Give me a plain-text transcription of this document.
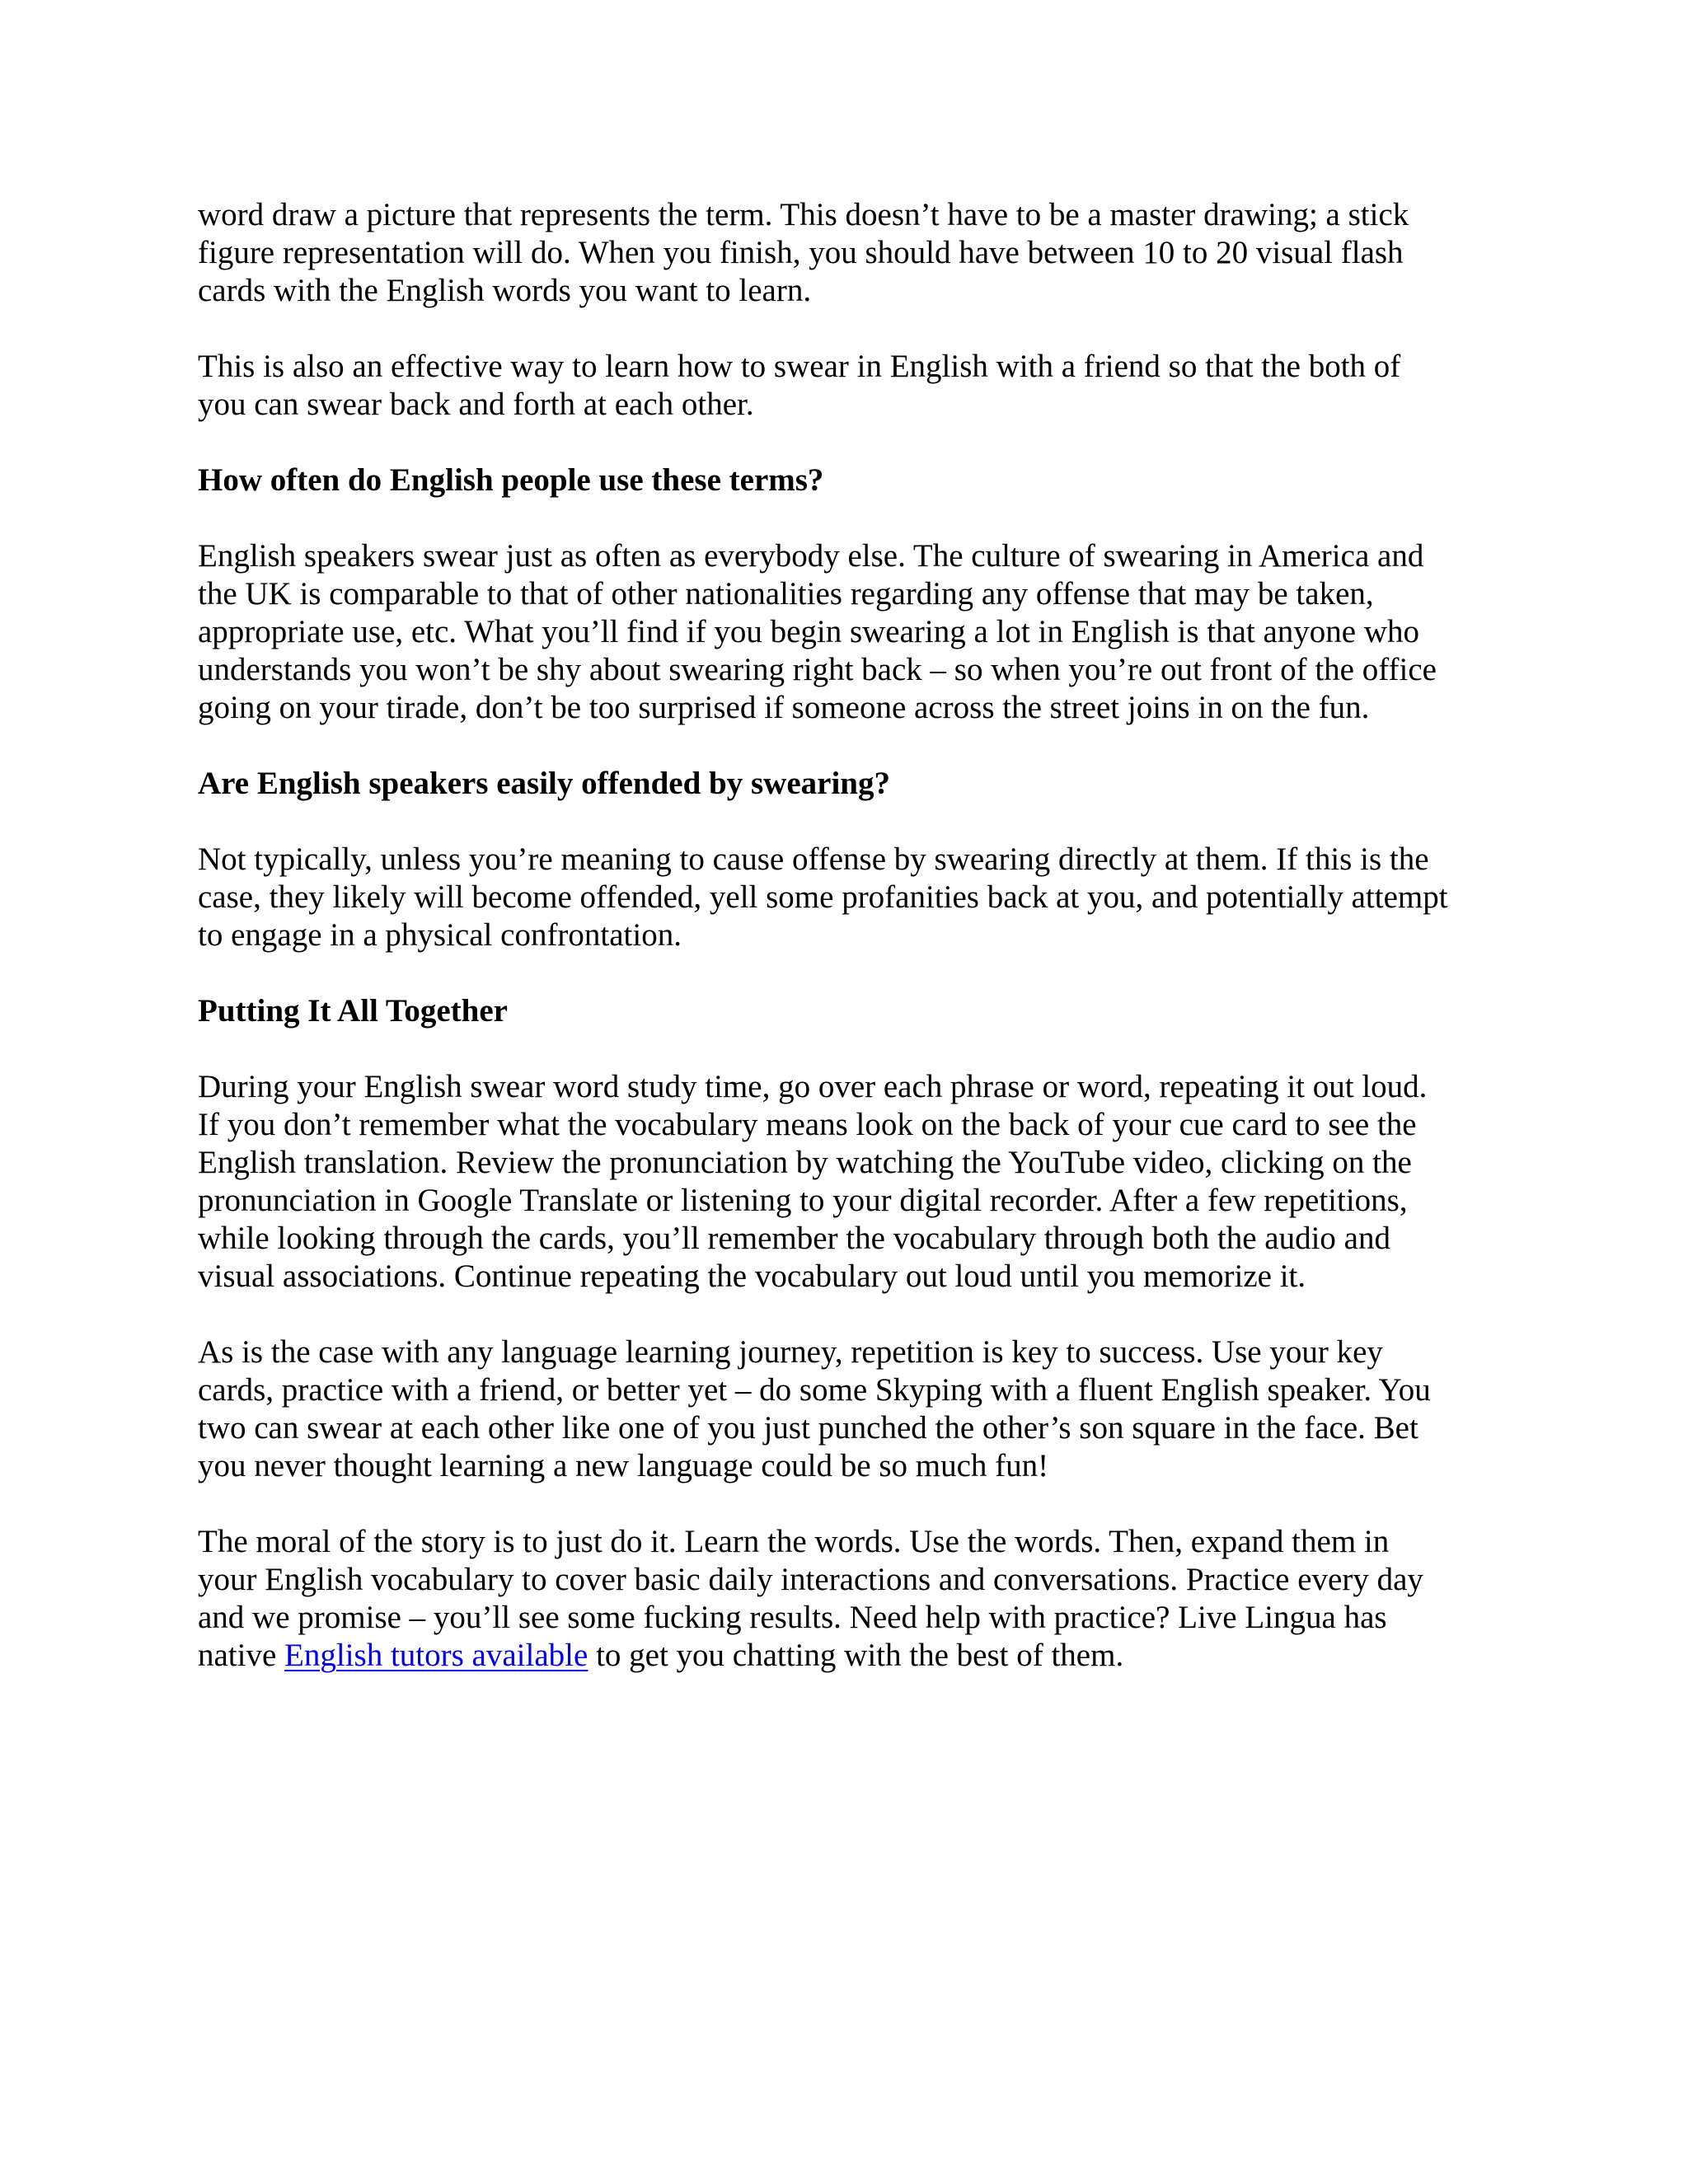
word draw a picture that represents the term. This doesn’t have to be a master drawing; a stick
figure representation will do. When you finish, you should have between 10 to 20 visual flash
cards with the English words you want to learn.

This is also an effective way to learn how to swear in English with a friend so that the both of
you can swear back and forth at each other.

How often do English people use these terms?

English speakers swear just as often as everybody else. The culture of swearing in America and
the UK is comparable to that of other nationalities regarding any offense that may be taken,
appropriate use, etc. What you’ll find if you begin swearing a lot in English is that anyone who
understands you won’t be shy about swearing right back – so when you’re out front of the office
going on your tirade, don’t be too surprised if someone across the street joins in on the fun.

Are English speakers easily offended by swearing?

Not typically, unless you’re meaning to cause offense by swearing directly at them. If this is the
case, they likely will become offended, yell some profanities back at you, and potentially attempt
to engage in a physical confrontation.

Putting It All Together

During your English swear word study time, go over each phrase or word, repeating it out loud.
If you don’t remember what the vocabulary means look on the back of your cue card to see the
English translation. Review the pronunciation by watching the YouTube video, clicking on the
pronunciation in Google Translate or listening to your digital recorder. After a few repetitions,
while looking through the cards, you’ll remember the vocabulary through both the audio and
visual associations. Continue repeating the vocabulary out loud until you memorize it.

As is the case with any language learning journey, repetition is key to success. Use your key
cards, practice with a friend, or better yet – do some Skyping with a fluent English speaker. You
two can swear at each other like one of you just punched the other’s son square in the face. Bet
you never thought learning a new language could be so much fun!

The moral of the story is to just do it. Learn the words. Use the words. Then, expand them in
your English vocabulary to cover basic daily interactions and conversations. Practice every day
and we promise – you’ll see some fucking results. Need help with practice? Live Lingua has
native English tutors available to get you chatting with the best of them.
